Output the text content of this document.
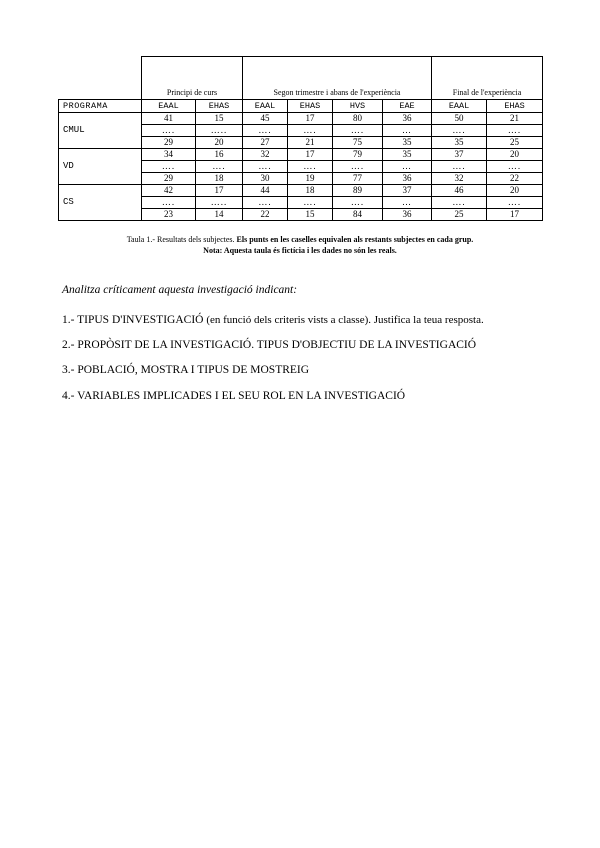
	Principi de curs		Segon trimestre i abans de l'experiència				Final de l'experiència	
PROGRAMA	EAAL	EHAS	EAAL	EHAS	HVS	EAE	EAAL	EHAS
CMUL	41	15	45	17	80	36	50	21
	….	…..	….	….	….	…	….	….
	29	20	27	21	75	35	35	25
VD	34	16	32	17	79	35	37	20
	….	….	….	….	….	…	….	….
	29	18	30	19	77	36	32	22
CS	42	17	44	18	89	37	46	20
	….	…..	….	….	….	…	….	….
	23	14	22	15	84	36	25	17
Taula 1.- Resultats dels subjectes. Els punts en les caselles equivalen als restants subjectes en cada grup.
Nota: Aquesta taula és fictícia i les dades no són les reals.
Analitza críticament aquesta investigació indicant:
1.- TIPUS D'INVESTIGACIÓ (en funció dels criteris vists a classe). Justifica la teua resposta.
2.- PROPÒSIT DE LA INVESTIGACIÓ. TIPUS D'OBJECTIU DE LA INVESTIGACIÓ
3.- POBLACIÓ, MOSTRA I TIPUS DE MOSTREIG
4.- VARIABLES IMPLICADES I EL SEU ROL EN LA INVESTIGACIÓ
